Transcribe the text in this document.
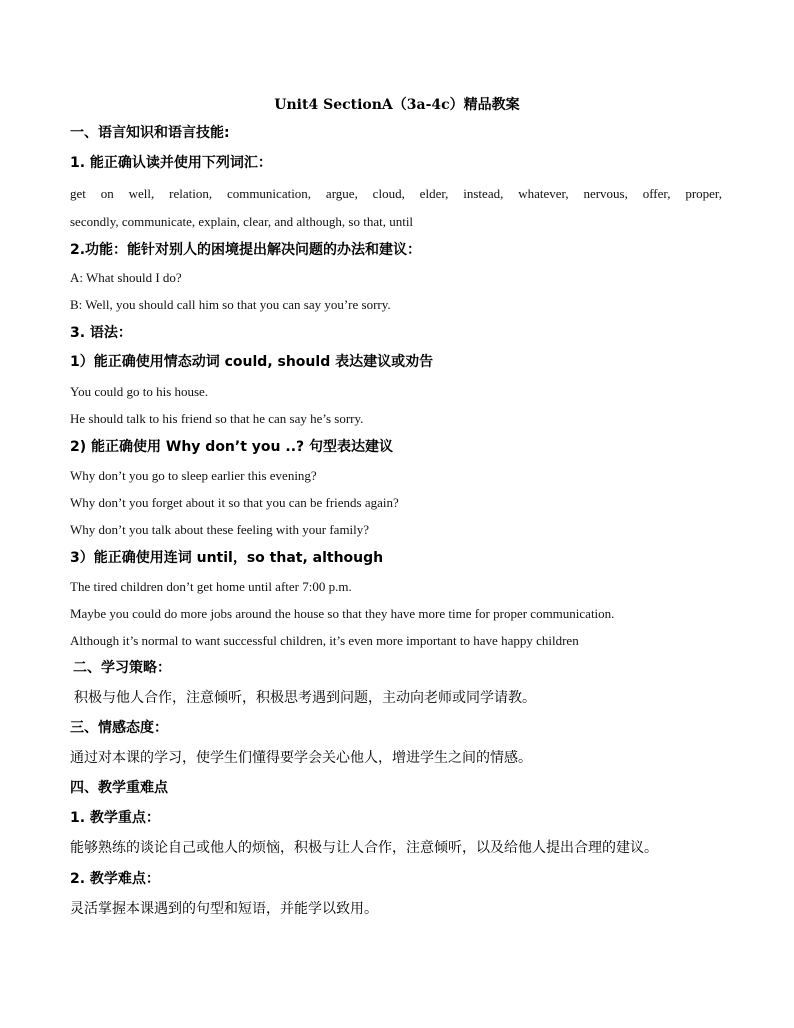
Unit4 SectionA（3a-4c）精品教案
一、语言知识和语言技能:
1. 能正确认读并使用下列词汇：
get on well, relation, communication, argue, cloud, elder, instead, whatever, nervous, offer, proper,
secondly, communicate, explain, clear, and although, so that, until
2.功能：能针对别人的困境提出解决问题的办法和建议：
A: What should I do?
B: Well, you should call him so that you can say you’re sorry.
3. 语法：
1）能正确使用情态动词 could, should 表达建议或劝告
You could go to his house.
He should talk to his friend so that he can say he’s sorry.
2) 能正确使用 Why don’t you ..? 句型表达建议
Why don’t you go to sleep earlier this evening?
Why don’t you forget about it so that you can be friends again?
Why don’t you talk about these feeling with your family?
3）能正确使用连词 until，so that, although
The tired children don’t get home until after 7:00 p.m.
Maybe you could do more jobs around the house so that they have more time for proper communication.
Although it’s normal to want successful children, it’s even more important to have happy children
二、学习策略：
积极与他人合作，注意倾听，积极思考遇到问题，主动向老师或同学请教。
三、情感态度：
通过对本课的学习，使学生们懂得要学会关心他人，增进学生之间的情感。
四、教学重难点
1. 教学重点：
能够熟练的谈论自己或他人的烦恼，积极与让人合作，注意倾听，以及给他人提出合理的建议。
2. 教学难点：
灵活掌握本课遇到的句型和短语，并能学以致用。
